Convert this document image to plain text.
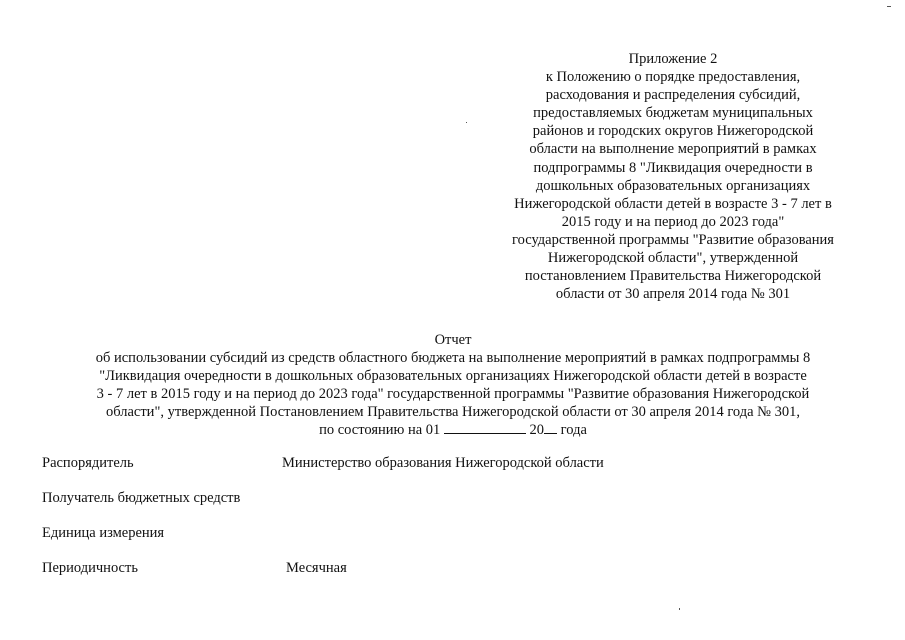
Приложение 2
к Положению о порядке предоставления,
расходования и распределения субсидий,
предоставляемых бюджетам муниципальных
районов и городских округов Нижегородской
области на выполнение мероприятий в рамках
подпрограммы 8 "Ликвидация очередности в
дошкольных образовательных организациях
Нижегородской области детей в возрасте 3 - 7 лет в
2015 году и на период до 2023 года"
государственной программы "Развитие образования
Нижегородской области", утвержденной
постановлением Правительства Нижегородской
области от 30 апреля 2014 года № 301
Отчет
об использовании субсидий из средств областного бюджета на выполнение мероприятий в рамках подпрограммы 8
"Ликвидация очередности в дошкольных образовательных организациях Нижегородской области детей в возрасте
3 - 7 лет в 2015 году и на период до 2023 года" государственной программы "Развитие образования Нижегородской
области", утвержденной Постановлением Правительства Нижегородской области от 30 апреля 2014 года № 301,
по состоянию на 01	20 года
Распорядитель	Министерство образования Нижегородской области
Получатель бюджетных средств
Единица измерения
Периодичность	Месячная
